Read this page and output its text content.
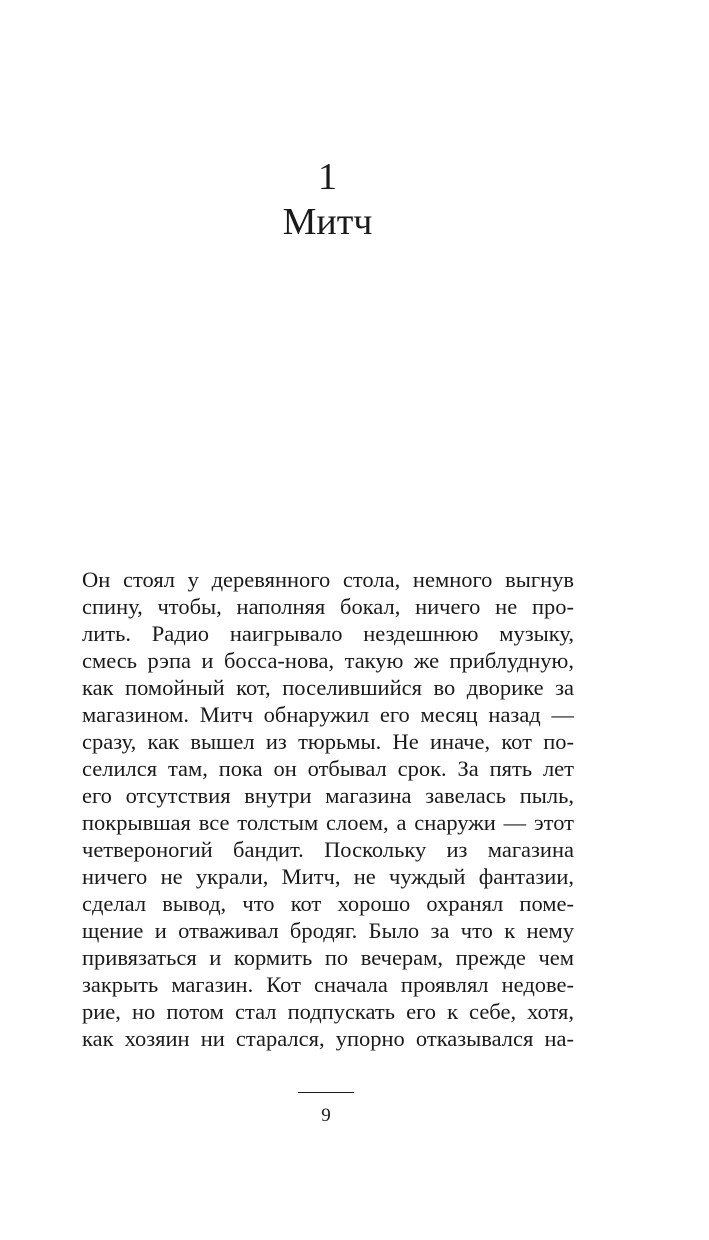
1
Митч
Он стоял у деревянного стола, немного выгнув
спину, чтобы, наполняя бокал, ничего не про-
лить. Радио наигрывало нездешнюю музыку,
смесь рэпа и босса-нова, такую же приблудную,
как помойный кот, поселившийся во дворике за
магазином. Митч обнаружил его месяц назад —
сразу, как вышел из тюрьмы. Не иначе, кот по-
селился там, пока он отбывал срок. За пять лет
его отсутствия внутри магазина завелась пыль,
покрывшая все толстым слоем, а снаружи — этот
четвероногий бандит. Поскольку из магазина
ничего не украли, Митч, не чуждый фантазии,
сделал вывод, что кот хорошо охранял поме-
щение и отваживал бродяг. Было за что к нему
привязаться и кормить по вечерам, прежде чем
закрыть магазин. Кот сначала проявлял недове-
рие, но потом стал подпускать его к себе, хотя,
как хозяин ни старался, упорно отказывался на-
9
